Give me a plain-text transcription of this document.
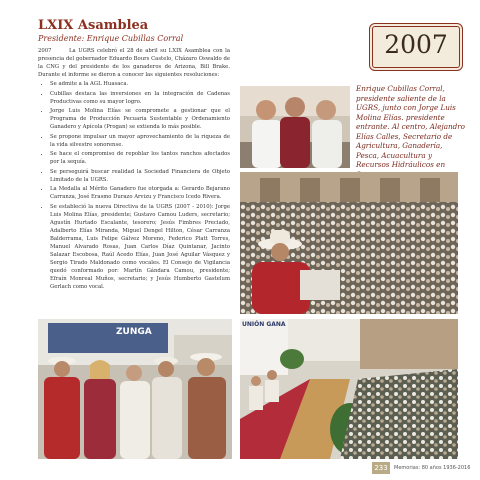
LXIX Asamblea
Presidente: Enrique Cubillas Corral

2007       La UGRS celebró el 28 de abril su LXIX Asamblea con la presencia del gobernador Eduardo Bours Castelo, Cházaro Oswaldo de la CNG y del presidente de los ganaderos de Arizona, Bill Brake. Durante el informe se dieron a conocer las siguientes resoluciones:

• Se admite a la AGL Huasaca.
• Cubillas destaca las inversiones en la integración de Cadenas Productivas como su mayor logro.
• Jorge Luis Molina Elías se compromete a gestionar que el Programa de Producción Pecuaria Sustentable y Ordenamiento Ganadero y Apícola (Progan) se extienda lo más posible.
• Se propone impulsar un mayor aprovechamiento de la riqueza de la vida silvestre sonorense.
• Se hace el compromiso de repoblar los tantos ranchos afectados por la sequía.
• Se perseguirá buscar realidad la Sociedad Financiera de Objeto Limitado de la UGRS.
• La Medalla al Mérito Ganadero fue otorgada a: Gerardo Bejarano Carranza, José Erasmo Durazo Arvizu y Francisco Icedo Rivera.
• Se estableció la nueva Directiva de la UGRS (2007 - 2010): Jorge Luis Molina Elías, presidente; Gustavo Camou Luders, secretario; Agustín Hurtado Escalante, tesorero; Jesús Fimbres Preciado, Adalberto Elías Miranda, Miguel Dengel Hilton, César Carranza Balderrama, Luis Felipe Gálvez Moreno, Federico Platt Torres, Manuel Alvarado Rosas, Juan Carlos Díaz Quintanar, Jacinto Salazar Escobosa, Raúl Acedo Elías, Juan José Aguilar Vásquez y Sergio Tirado Maldonado como vocales. El Consejo de Vigilancia quedó conformado por: Martín Gándara Camou, presidente; Efraín Monreal Muños, secretario; y Jesús Humberto Gastelum Gerlach como vocal.
2007
Enrique Cubillas Corral, presidente saliente de la UGRS, junto con Jorge Luis Molina Elías. presidente entrante. Al centro, Alejandro Elías Calles, Secretario de Agricultura, Ganadería, Pesca, Acuacultura y Recursos Hidráulicos en
ZUNGA
UNIÓN GANA
233	Memorias: 80 años 1936-2016
